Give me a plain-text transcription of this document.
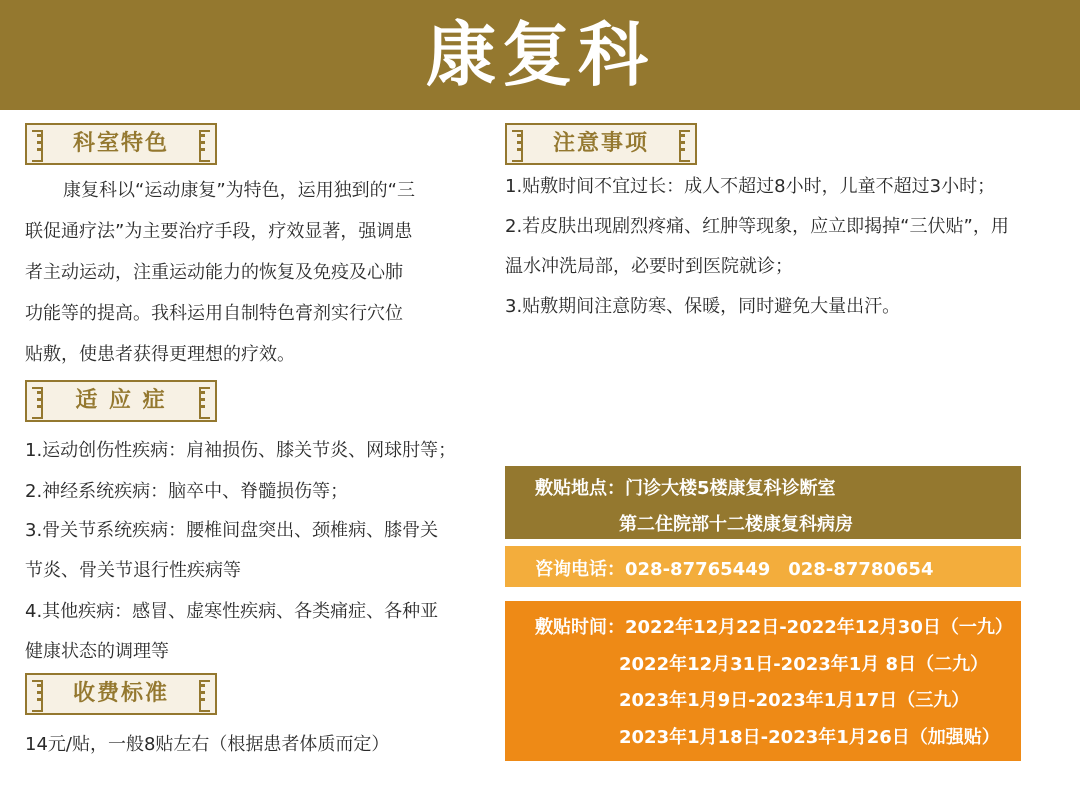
康复科
科室特色

康复科以“运动康复”为特色，运用独到的“三

联促通疗法”为主要治疗手段，疗效显著，强调患

者主动运动，注重运动能力的恢复及免疫及心肺

功能等的提高。我科运用自制特色膏剂实行穴位

贴敷，使患者获得更理想的疗效。

适 应 症
1.运动创伤性疾病：肩袖损伤、膝关节炎、网球肘等；
2.神经系统疾病：脑卒中、脊髓损伤等；
3.骨关节系统疾病：腰椎间盘突出、颈椎病、膝骨关
节炎、骨关节退行性疾病等
4.其他疾病：感冒、虚寒性疾病、各类痛症、各种亚
健康状态的调理等
收费标准
14元/贴，一般8贴左右（根据患者体质而定）
注意事项
1.贴敷时间不宜过长：成人不超过8小时，儿童不超过3小时；
2.若皮肤出现剧烈疼痛、红肿等现象，应立即揭掉“三伏贴”，用
温水冲洗局部，必要时到医院就诊；
3.贴敷期间注意防寒、保暖，同时避免大量出汗。
敷贴地点：门诊大楼5楼康复科诊断室
第二住院部十二楼康复科病房
咨询电话：028-87765449　028-87780654
敷贴时间：2022年12月22日-2022年12月30日（一九）
2022年12月31日-2023年1月 8日（二九）
2023年1月9日-2023年1月17日（三九）
2023年1月18日-2023年1月26日（加强贴）
